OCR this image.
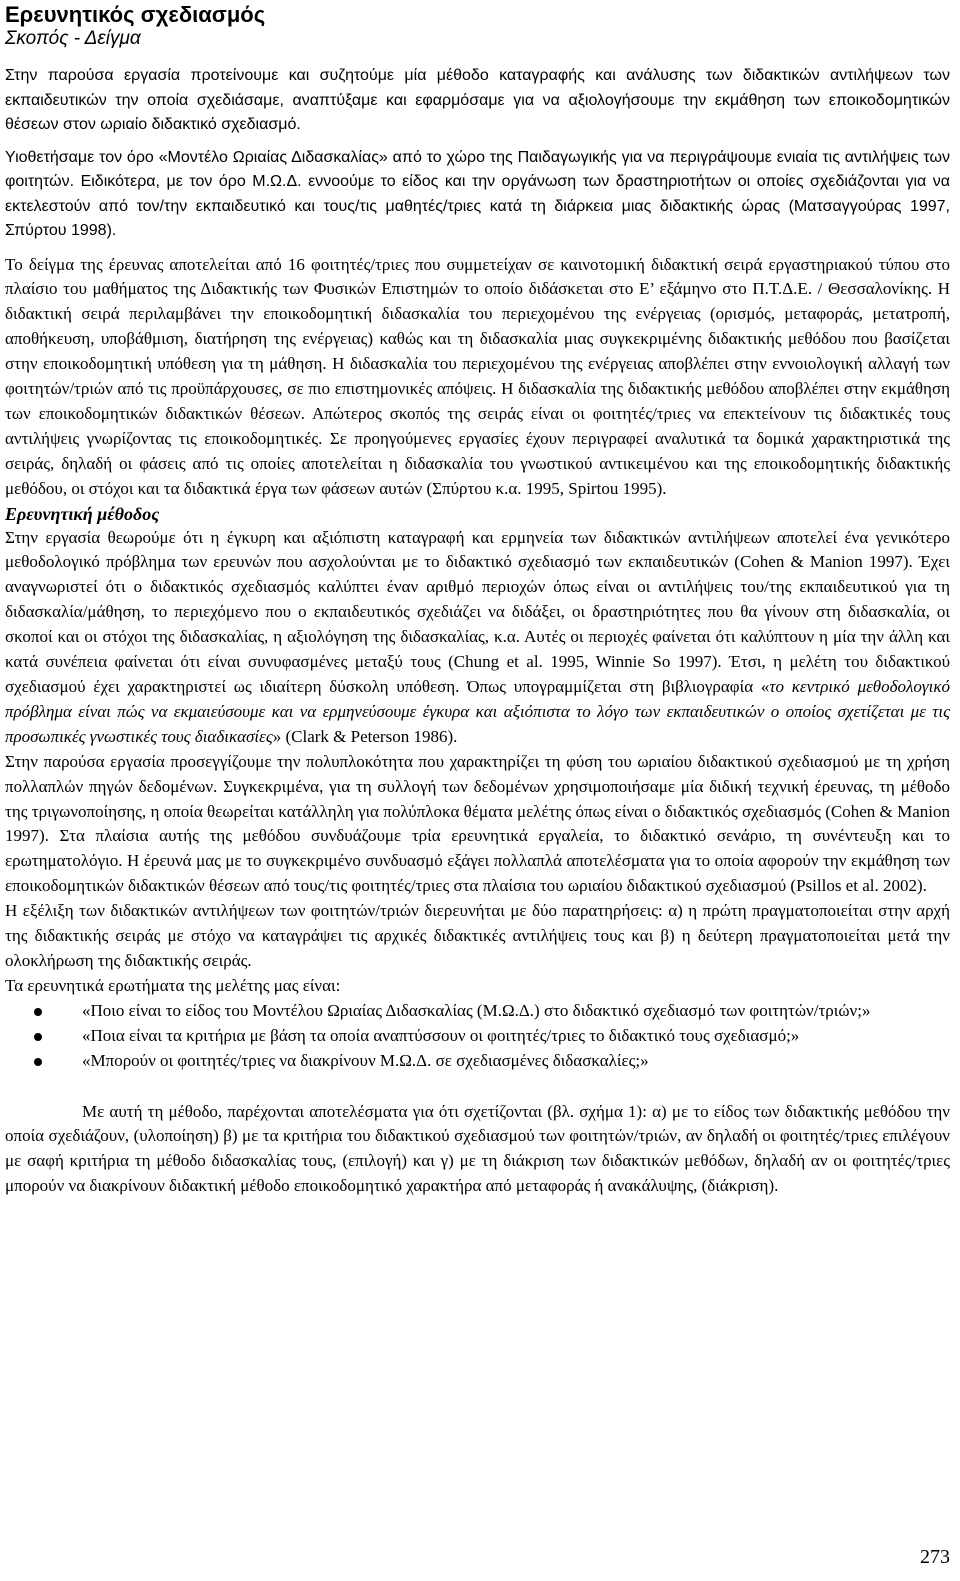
Ερευνητικός σχεδιασμός
Σκοπός - Δείγμα

Στην παρούσα εργασία προτείνουμε και συζητούμε μία μέθοδο καταγραφής και ανάλυσης των διδακτικών αντιλήψεων των εκπαιδευτικών την οποία σχεδιάσαμε, αναπτύξαμε και εφαρμόσαμε για να αξιολογήσουμε την εκμάθηση των εποικοδομητικών θέσεων στον ωριαίο διδακτικό σχεδιασμό.

Υιοθετήσαμε τον όρο «Μοντέλο Ωριαίας Διδασκαλίας» από το χώρο της Παιδαγωγικής για να περιγράψουμε ενιαία τις αντιλήψεις των φοιτητών. Ειδικότερα, με τον όρο Μ.Ω.Δ. εννοούμε το είδος και την οργάνωση των δραστηριοτήτων οι οποίες σχεδιάζονται για να εκτελεστούν από τον/την εκπαιδευτικό και τους/τις μαθητές/τριες κατά τη διάρκεια μιας διδακτικής ώρας (Ματσαγγούρας 1997, Σπύρτου 1998).

Το δείγμα της έρευνας αποτελείται από 16 φοιτητές/τριες που συμμετείχαν σε καινοτομική διδακτική σειρά εργαστηριακού τύπου στο πλαίσιο του μαθήματος της Διδακτικής των Φυσικών Επιστημών το οποίο διδάσκεται στο Ε’ εξάμηνο στο Π.Τ.Δ.Ε. / Θεσσαλονίκης. Η διδακτική σειρά περιλαμβάνει την εποικοδομητική διδασκαλία του περιεχομένου της ενέργειας (ορισμός, μεταφοράς, μετατροπή, αποθήκευση, υποβάθμιση, διατήρηση της ενέργειας) καθώς και τη διδασκαλία μιας συγκεκριμένης διδακτικής μεθόδου που βασίζεται στην εποικοδομητική υπόθεση για τη μάθηση. Η διδασκαλία του περιεχομένου της ενέργειας αποβλέπει στην εννοιολογική αλλαγή των φοιτητών/τριών από τις προϋπάρχουσες, σε πιο επιστημονικές απόψεις. Η διδασκαλία της διδακτικής μεθόδου αποβλέπει στην εκμάθηση των εποικοδομητικών διδακτικών θέσεων. Απώτερος σκοπός της σειράς είναι οι φοιτητές/τριες να επεκτείνουν τις διδακτικές τους αντιλήψεις γνωρίζοντας τις εποικοδομητικές. Σε προηγούμενες εργασίες έχουν περιγραφεί αναλυτικά τα δομικά χαρακτηριστικά της σειράς, δηλαδή οι φάσεις από τις οποίες αποτελείται η διδασκαλία του γνωστικού αντικειμένου και της εποικοδομητικής διδακτικής μεθόδου, οι στόχοι και τα διδακτικά έργα των φάσεων αυτών (Σπύρτου κ.α. 1995, Spirtou 1995).

Ερευνητική μέθοδος

Στην εργασία θεωρούμε ότι η έγκυρη και αξιόπιστη καταγραφή και ερμηνεία των διδακτικών αντιλήψεων αποτελεί ένα γενικότερο μεθοδολογικό πρόβλημα των ερευνών που ασχολούνται με το διδακτικό σχεδιασμό των εκπαιδευτικών (Cohen & Manion 1997). Έχει αναγνωριστεί ότι ο διδακτικός σχεδιασμός καλύπτει έναν αριθμό περιοχών όπως είναι οι αντιλήψεις του/της εκπαιδευτικού για τη διδασκαλία/μάθηση, το περιεχόμενο που ο εκπαιδευτικός σχεδιάζει να διδάξει, οι δραστηριότητες που θα γίνουν στη διδασκαλία, οι σκοποί και οι στόχοι της διδασκαλίας, η αξιολόγηση της διδασκαλίας, κ.α. Αυτές οι περιοχές φαίνεται ότι καλύπτουν η μία την άλλη και κατά συνέπεια φαίνεται ότι είναι συνυφασμένες μεταξύ τους (Chung et al. 1995, Winnie So 1997). Έτσι, η μελέτη του διδακτικού σχεδιασμού έχει χαρακτηριστεί ως ιδιαίτερη δύσκολη υπόθεση. Όπως υπογραμμίζεται στη βιβλιογραφία «το κεντρικό μεθοδολογικό πρόβλημα είναι πώς να εκμαιεύσουμε και να ερμηνεύσουμε έγκυρα και αξιόπιστα το λόγο των εκπαιδευτικών ο οποίος σχετίζεται με τις προσωπικές γνωστικές τους διαδικασίες» (Clark & Peterson 1986).

Στην παρούσα εργασία προσεγγίζουμε την πολυπλοκότητα που χαρακτηρίζει τη φύση του ωριαίου διδακτικού σχεδιασμού με τη χρήση πολλαπλών πηγών δεδομένων. Συγκεκριμένα, για τη συλλογή των δεδομένων χρησιμοποιήσαμε μία διδική τεχνική έρευνας, τη μέθοδο της τριγωνοποίησης, η οποία θεωρείται κατάλληλη για πολύπλοκα θέματα μελέτης όπως είναι ο διδακτικός σχεδιασμός (Cohen & Manion 1997). Στα πλαίσια αυτής της μεθόδου συνδυάζουμε τρία ερευνητικά εργαλεία, το διδακτικό σενάριο, τη συνέντευξη και το ερωτηματολόγιο. Η έρευνά μας με το συγκεκριμένο συνδυασμό εξάγει πολλαπλά αποτελέσματα για το οποία αφορούν την εκμάθηση των εποικοδομητικών διδακτικών θέσεων από τους/τις φοιτητές/τριες στα πλαίσια του ωριαίου διδακτικού σχεδιασμού (Psillos et al. 2002).

Η εξέλιξη των διδακτικών αντιλήψεων των φοιτητών/τριών διερευνήται με δύο παρατηρήσεις: α) η πρώτη πραγματοποιείται στην αρχή της διδακτικής σειράς με στόχο να καταγράψει τις αρχικές διδακτικές αντιλήψεις τους και β) η δεύτερη πραγματοποιείται μετά την ολοκλήρωση της διδακτικής σειράς.

Τα ερευνητικά ερωτήματα της μελέτης μας είναι:

«Ποιο είναι το είδος του Μοντέλου Ωριαίας Διδασκαλίας (Μ.Ω.Δ.) στο διδακτικό σχεδιασμό των φοιτητών/τριών;»
«Ποια είναι τα κριτήρια με βάση τα οποία αναπτύσσουν οι φοιτητές/τριες το διδακτικό τους σχεδιασμό;»
«Μπορούν οι φοιτητές/τριες να διακρίνουν Μ.Ω.Δ. σε σχεδιασμένες διδασκαλίες;»

Με αυτή τη μέθοδο, παρέχονται αποτελέσματα για ότι σχετίζονται (βλ. σχήμα 1): α) με το είδος των διδακτικής μεθόδου την οποία σχεδιάζουν, (υλοποίηση) β) με τα κριτήρια του διδακτικού σχεδιασμού των φοιτητών/τριών, αν δηλαδή οι φοιτητές/τριες επιλέγουν με σαφή κριτήρια τη μέθοδο διδασκαλίας τους, (επιλογή) και γ) με τη διάκριση των διδακτικών μεθόδων, δηλαδή αν οι φοιτητές/τριες μπορούν να διακρίνουν διδακτική μέθοδο εποικοδομητικό χαρακτήρα από μεταφοράς ή ανακάλυψης, (διάκριση).

273
